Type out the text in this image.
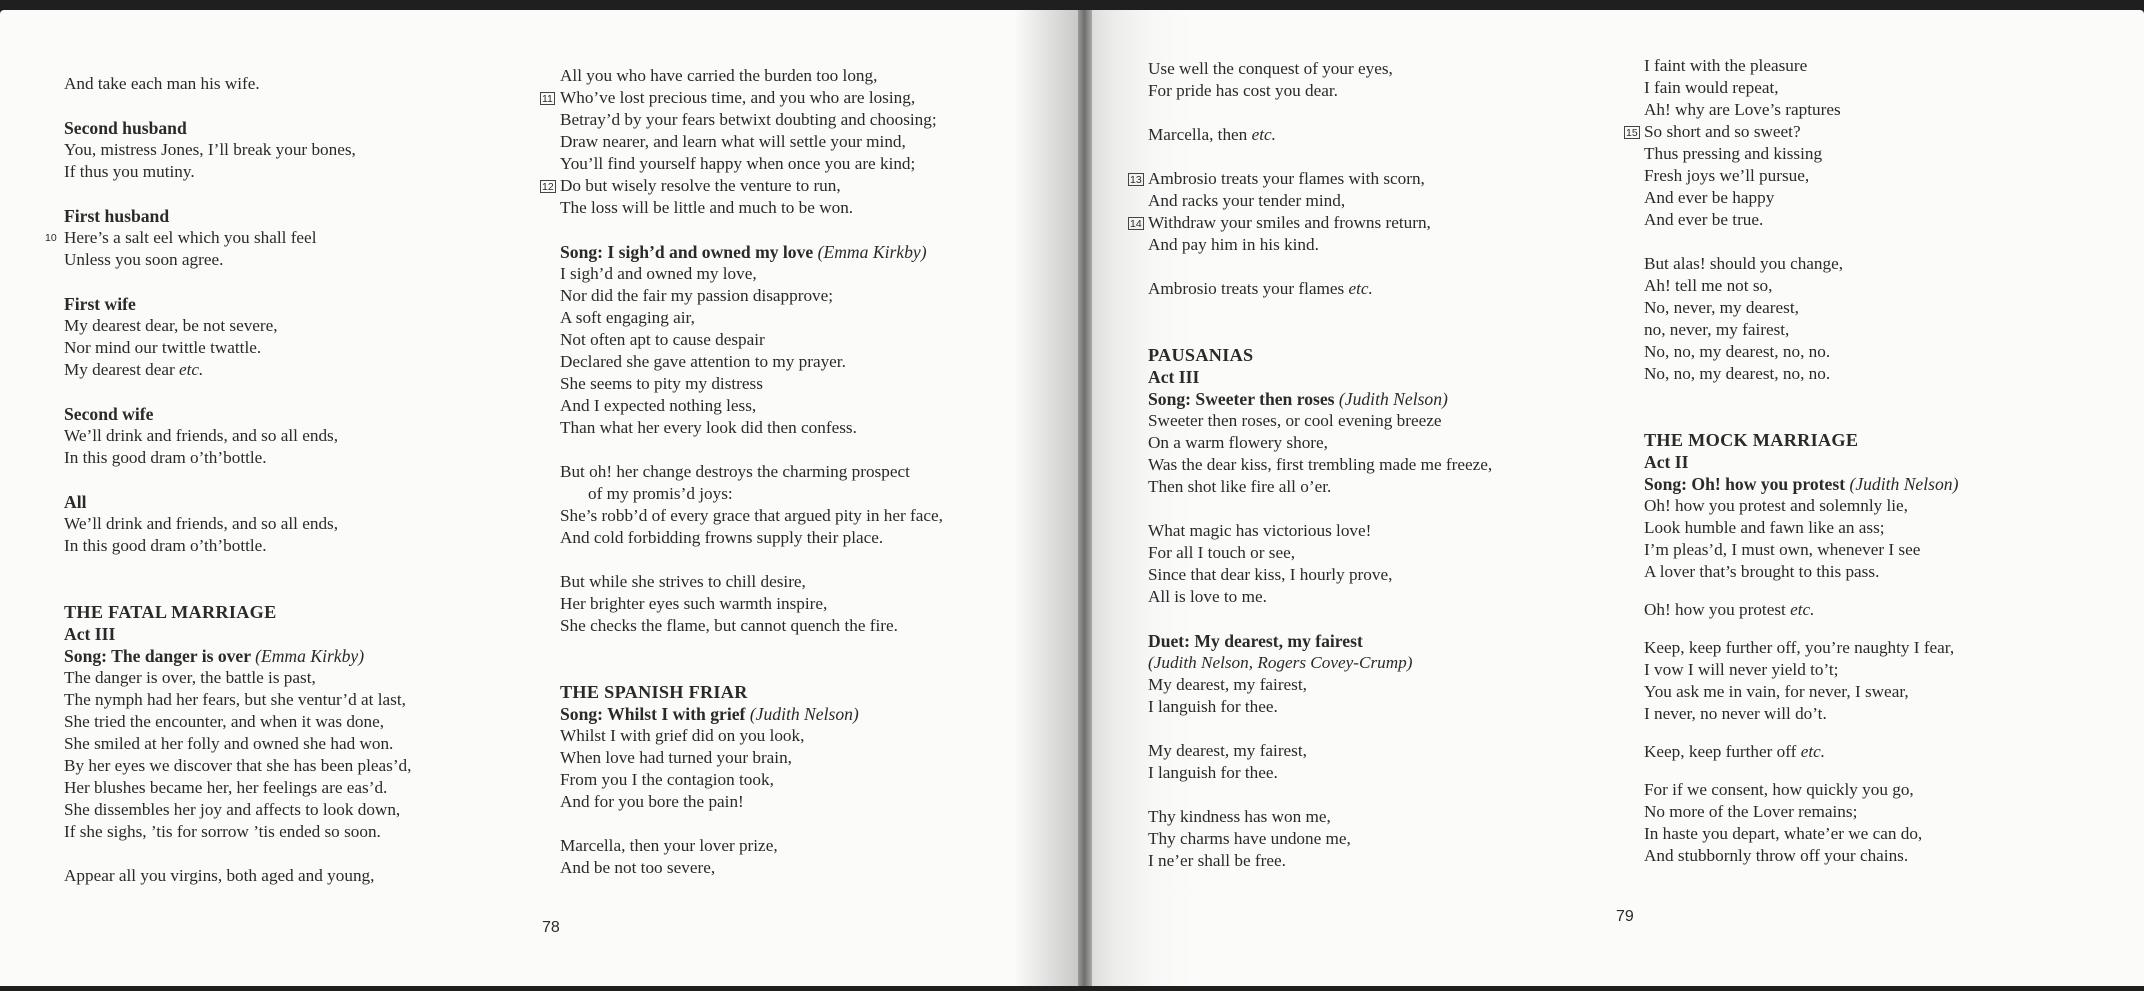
And take each man his wife.
Second husband
You, mistress Jones, I’ll break your bones,
If thus you mutiny.
First husband
Here’s a salt eel which you shall feel
Unless you soon agree.
First wife
My dearest dear, be not severe,
Nor mind our twittle twattle.
My dearest dear etc.
Second wife
We’ll drink and friends, and so all ends,
In this good dram o’th’bottle.
All
We’ll drink and friends, and so all ends,
In this good dram o’th’bottle.
THE FATAL MARRIAGE
Act III
Song: The danger is over (Emma Kirkby)
The danger is over, the battle is past,
The nymph had her fears, but she ventur’d at last,
She tried the encounter, and when it was done,
She smiled at her folly and owned she had won.
By her eyes we discover that she has been pleas’d,
Her blushes became her, her feelings are eas’d.
She dissembles her joy and affects to look down,
If she sighs, ’tis for sorrow ’tis ended so soon.
Appear all you virgins, both aged and young,
All you who have carried the burden too long,
Who’ve lost precious time, and you who are losing,
Betray’d by your fears betwixt doubting and choosing;
Draw nearer, and learn what will settle your mind,
You’ll find yourself happy when once you are kind;
Do but wisely resolve the venture to run,
The loss will be little and much to be won.
Song: I sigh’d and owned my love (Emma Kirkby)
I sigh’d and owned my love,
Nor did the fair my passion disapprove;
A soft engaging air,
Not often apt to cause despair
Declared she gave attention to my prayer.
She seems to pity my distress
And I expected nothing less,
Than what her every look did then confess.
But oh! her change destroys the charming prospect
of my promis’d joys:
She’s robb’d of every grace that argued pity in her face,
And cold forbidding frowns supply their place.
But while she strives to chill desire,
Her brighter eyes such warmth inspire,
She checks the flame, but cannot quench the fire.
THE SPANISH FRIAR
Song: Whilst I with grief (Judith Nelson)
Whilst I with grief did on you look,
When love had turned your brain,
From you I the contagion took,
And for you bore the pain!
Marcella, then your lover prize,
And be not too severe,
78
10
11
12
Use well the conquest of your eyes,
For pride has cost you dear.
Marcella, then etc.
Ambrosio treats your flames with scorn,
And racks your tender mind,
Withdraw your smiles and frowns return,
And pay him in his kind.
Ambrosio treats your flames etc.
PAUSANIAS
Act III
Song: Sweeter then roses (Judith Nelson)
Sweeter then roses, or cool evening breeze
On a warm flowery shore,
Was the dear kiss, first trembling made me freeze,
Then shot like fire all o’er.
What magic has victorious love!
For all I touch or see,
Since that dear kiss, I hourly prove,
All is love to me.
Duet: My dearest, my fairest
(Judith Nelson, Rogers Covey-Crump)
My dearest, my fairest,
I languish for thee.
My dearest, my fairest,
I languish for thee.
Thy kindness has won me,
Thy charms have undone me,
I ne’er shall be free.
I faint with the pleasure
I fain would repeat,
Ah! why are Love’s raptures
So short and so sweet?
Thus pressing and kissing
Fresh joys we’ll pursue,
And ever be happy
And ever be true.
But alas! should you change,
Ah! tell me not so,
No, never, my dearest,
no, never, my fairest,
No, no, my dearest, no, no.
No, no, my dearest, no, no.
THE MOCK MARRIAGE
Act II
Song: Oh! how you protest (Judith Nelson)
Oh! how you protest and solemnly lie,
Look humble and fawn like an ass;
I’m pleas’d, I must own, whenever I see
A lover that’s brought to this pass.
Oh! how you protest etc.
Keep, keep further off, you’re naughty I fear,
I vow I will never yield to’t;
You ask me in vain, for never, I swear,
I never, no never will do’t.
Keep, keep further off etc.
For if we consent, how quickly you go,
No more of the Lover remains;
In haste you depart, whate’er we can do,
And stubbornly throw off your chains.
79
13
14
15
